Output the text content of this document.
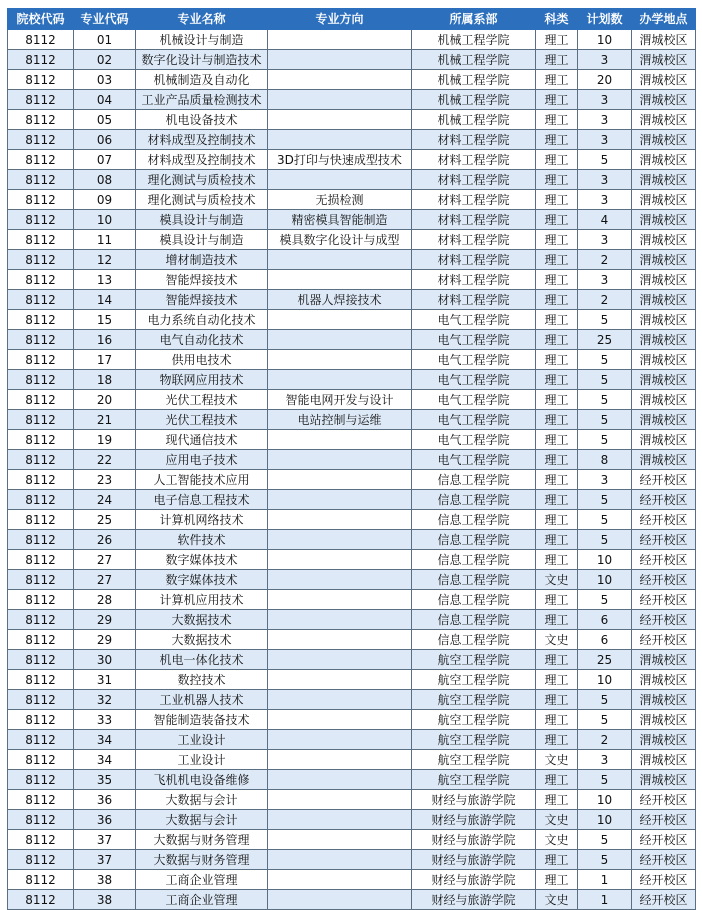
院校代码	专业代码	专业名称	专业方向	所属系部	科类	计划数	办学地点
8112	01	机械设计与制造		机械工程学院	理工	10	渭城校区
8112	02	数字化设计与制造技术		机械工程学院	理工	3	渭城校区
8112	03	机械制造及自动化		机械工程学院	理工	20	渭城校区
8112	04	工业产品质量检测技术		机械工程学院	理工	3	渭城校区
8112	05	机电设备技术		机械工程学院	理工	3	渭城校区
8112	06	材料成型及控制技术		材料工程学院	理工	3	渭城校区
8112	07	材料成型及控制技术	3D打印与快速成型技术	材料工程学院	理工	5	渭城校区
8112	08	理化测试与质检技术		材料工程学院	理工	3	渭城校区
8112	09	理化测试与质检技术	无损检测	材料工程学院	理工	3	渭城校区
8112	10	模具设计与制造	精密模具智能制造	材料工程学院	理工	4	渭城校区
8112	11	模具设计与制造	模具数字化设计与成型	材料工程学院	理工	3	渭城校区
8112	12	增材制造技术		材料工程学院	理工	2	渭城校区
8112	13	智能焊接技术		材料工程学院	理工	3	渭城校区
8112	14	智能焊接技术	机器人焊接技术	材料工程学院	理工	2	渭城校区
8112	15	电力系统自动化技术		电气工程学院	理工	5	渭城校区
8112	16	电气自动化技术		电气工程学院	理工	25	渭城校区
8112	17	供用电技术		电气工程学院	理工	5	渭城校区
8112	18	物联网应用技术		电气工程学院	理工	5	渭城校区
8112	20	光伏工程技术	智能电网开发与设计	电气工程学院	理工	5	渭城校区
8112	21	光伏工程技术	电站控制与运维	电气工程学院	理工	5	渭城校区
8112	19	现代通信技术		电气工程学院	理工	5	渭城校区
8112	22	应用电子技术		电气工程学院	理工	8	渭城校区
8112	23	人工智能技术应用		信息工程学院	理工	3	经开校区
8112	24	电子信息工程技术		信息工程学院	理工	5	经开校区
8112	25	计算机网络技术		信息工程学院	理工	5	经开校区
8112	26	软件技术		信息工程学院	理工	5	经开校区
8112	27	数字媒体技术		信息工程学院	理工	10	经开校区
8112	27	数字媒体技术		信息工程学院	文史	10	经开校区
8112	28	计算机应用技术		信息工程学院	理工	5	经开校区
8112	29	大数据技术		信息工程学院	理工	6	经开校区
8112	29	大数据技术		信息工程学院	文史	6	经开校区
8112	30	机电一体化技术		航空工程学院	理工	25	渭城校区
8112	31	数控技术		航空工程学院	理工	10	渭城校区
8112	32	工业机器人技术		航空工程学院	理工	5	渭城校区
8112	33	智能制造装备技术		航空工程学院	理工	5	渭城校区
8112	34	工业设计		航空工程学院	理工	2	渭城校区
8112	34	工业设计		航空工程学院	文史	3	渭城校区
8112	35	飞机机电设备维修		航空工程学院	理工	5	渭城校区
8112	36	大数据与会计		财经与旅游学院	理工	10	经开校区
8112	36	大数据与会计		财经与旅游学院	文史	10	经开校区
8112	37	大数据与财务管理		财经与旅游学院	文史	5	经开校区
8112	37	大数据与财务管理		财经与旅游学院	理工	5	经开校区
8112	38	工商企业管理		财经与旅游学院	理工	1	经开校区
8112	38	工商企业管理		财经与旅游学院	文史	1	经开校区
